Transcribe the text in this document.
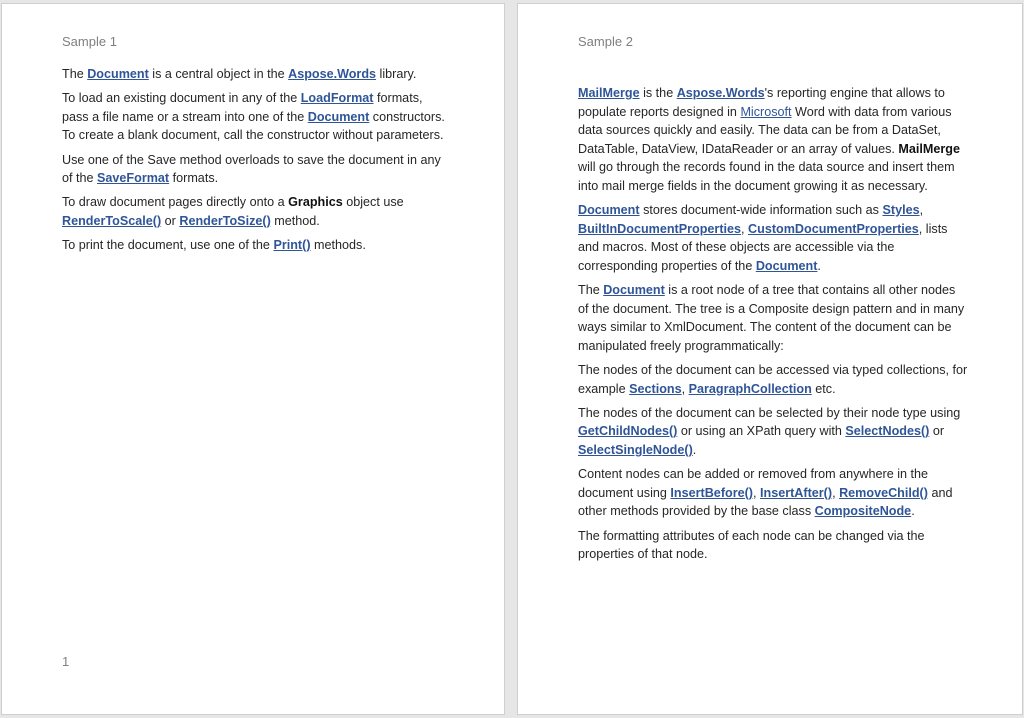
Sample 1

The Document is a central object in the Aspose.Words library.

To load an existing document in any of the LoadFormat formats, pass a file name or a stream into one of the Document constructors. To create a blank document, call the constructor without parameters.

Use one of the Save method overloads to save the document in any of the SaveFormat formats.

To draw document pages directly onto a Graphics object use RenderToScale() or RenderToSize() method.

To print the document, use one of the Print() methods.

1
Sample 2

MailMerge is the Aspose.Words's reporting engine that allows to populate reports designed in Microsoft Word with data from various data sources quickly and easily. The data can be from a DataSet, DataTable, DataView, IDataReader or an array of values. MailMerge will go through the records found in the data source and insert them into mail merge fields in the document growing it as necessary.

Document stores document-wide information such as Styles, BuiltInDocumentProperties, CustomDocumentProperties, lists and macros. Most of these objects are accessible via the corresponding properties of the Document.

The Document is a root node of a tree that contains all other nodes of the document. The tree is a Composite design pattern and in many ways similar to XmlDocument. The content of the document can be manipulated freely programmatically:

The nodes of the document can be accessed via typed collections, for example Sections, ParagraphCollection etc.

The nodes of the document can be selected by their node type using GetChildNodes() or using an XPath query with SelectNodes() or SelectSingleNode().

Content nodes can be added or removed from anywhere in the document using InsertBefore(), InsertAfter(), RemoveChild() and other methods provided by the base class CompositeNode.

The formatting attributes of each node can be changed via the properties of that node.
